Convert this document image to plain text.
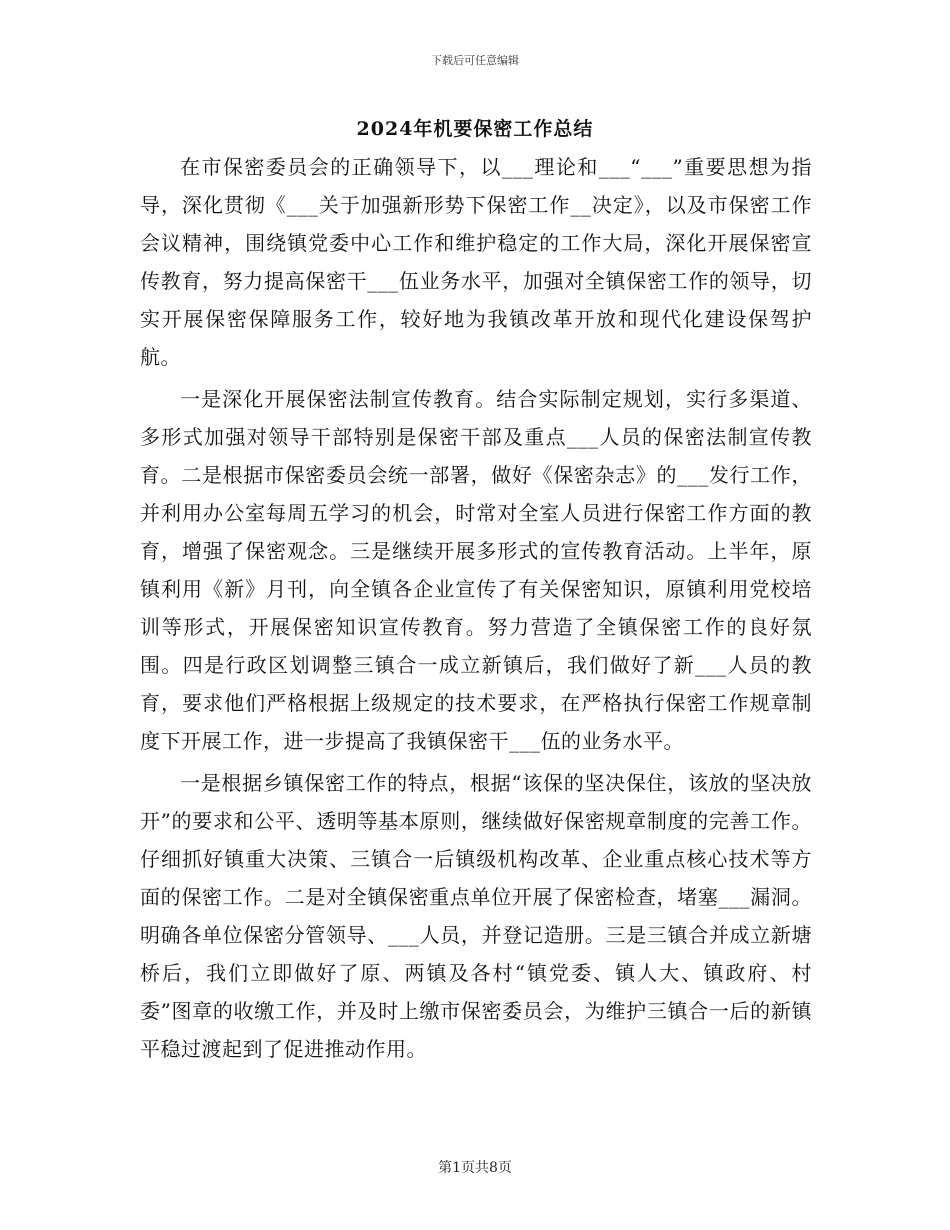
下载后可任意编辑
2024年机要保密工作总结

在市保密委员会的正确领导下，以___理论和___“___”重要思想为指导，深化贯彻《___关于加强新形势下保密工作__决定》，以及市保密工作会议精神，围绕镇党委中心工作和维护稳定的工作大局，深化开展保密宣传教育，努力提高保密干___伍业务水平，加强对全镇保密工作的领导，切实开展保密保障服务工作，较好地为我镇改革开放和现代化建设保驾护航。

一是深化开展保密法制宣传教育。结合实际制定规划，实行多渠道、多形式加强对领导干部特别是保密干部及重点___人员的保密法制宣传教育。二是根据市保密委员会统一部署，做好《保密杂志》的___发行工作，并利用办公室每周五学习的机会，时常对全室人员进行保密工作方面的教育，增强了保密观念。三是继续开展多形式的宣传教育活动。上半年，原镇利用《新》月刊，向全镇各企业宣传了有关保密知识，原镇利用党校培训等形式，开展保密知识宣传教育。努力营造了全镇保密工作的良好氛围。四是行政区划调整三镇合一成立新镇后，我们做好了新___人员的教育，要求他们严格根据上级规定的技术要求，在严格执行保密工作规章制度下开展工作，进一步提高了我镇保密干___伍的业务水平。

一是根据乡镇保密工作的特点，根据“该保的坚决保住，该放的坚决放开”的要求和公平、透明等基本原则，继续做好保密规章制度的完善工作。仔细抓好镇重大决策、三镇合一后镇级机构改革、企业重点核心技术等方面的保密工作。二是对全镇保密重点单位开展了保密检查，堵塞___漏洞。明确各单位保密分管领导、___人员，并登记造册。三是三镇合并成立新塘桥后，我们立即做好了原、两镇及各村“镇党委、镇人大、镇政府、村委”图章的收缴工作，并及时上缴市保密委员会，为维护三镇合一后的新镇平稳过渡起到了促进推动作用。

第1页共8页
